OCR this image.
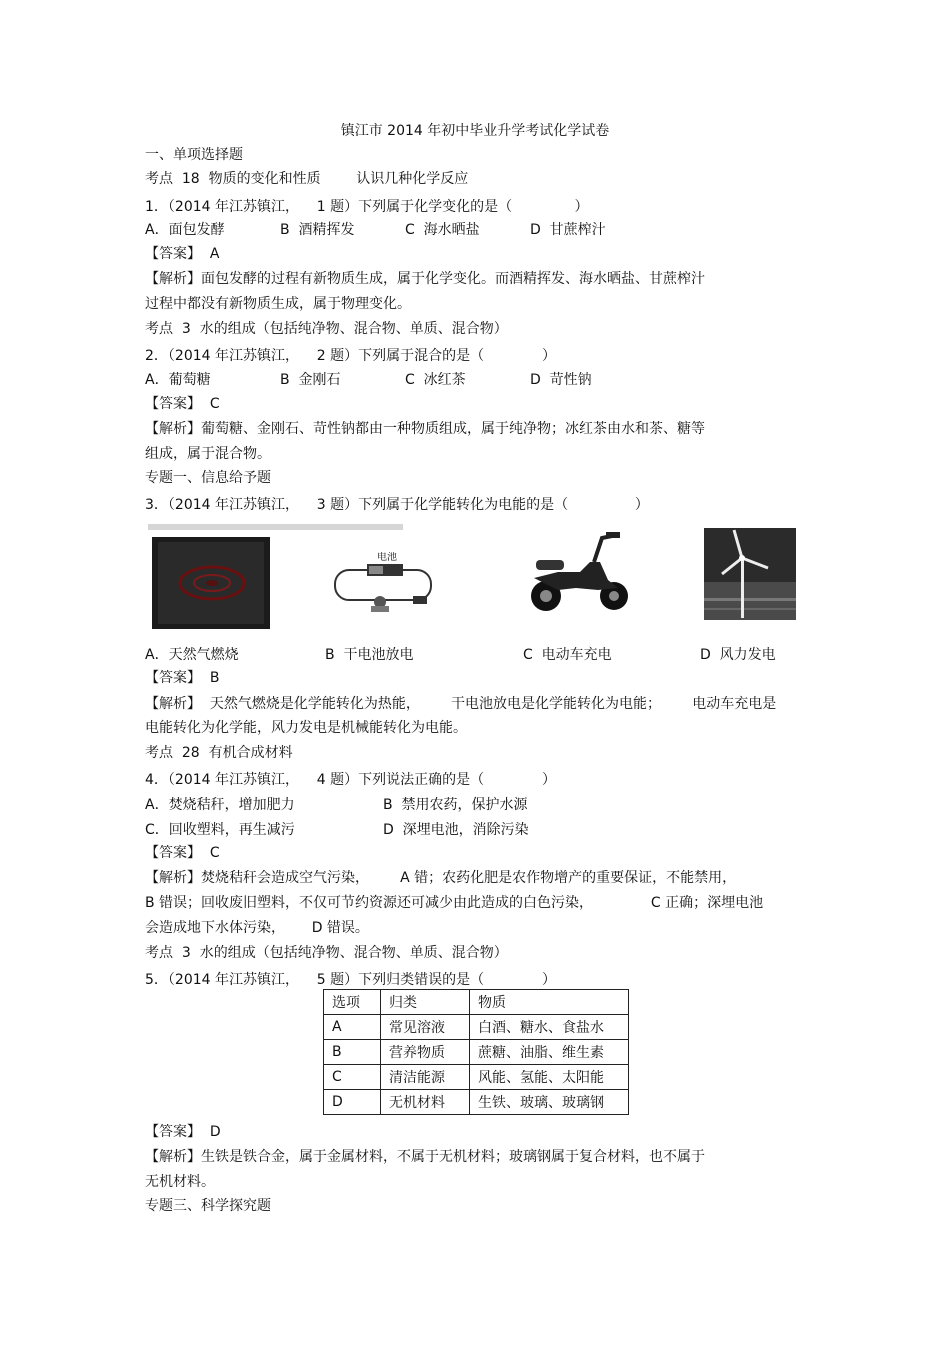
镇江市 2014 年初中毕业升学考试化学试卷
一、单项选择题
考点  18  物质的变化和性质        认识几种化学反应
1．（2014 年江苏镇江，    1 题）下列属于化学变化的是（              ）
A．面包发酵	B  酒精挥发	C  海水晒盐	D  甘蔗榨汁
【答案】  A
【解析】面包发酵的过程有新物质生成，属于化学变化。而酒精挥发、海水晒盐、甘蔗榨汁
过程中都没有新物质生成，属于物理变化。
考点  3  水的组成（包括纯净物、混合物、单质、混合物）
2．（2014 年江苏镇江，    2 题）下列属于混合的是（             ）
A．葡萄糖	B  金刚石	C  冰红茶	D  苛性钠
【答案】  C
【解析】葡萄糖、金刚石、苛性钠都由一种物质组成，属于纯净物；冰红茶由水和茶、糖等
组成，属于混合物。
专题一、信息给予题
3．（2014 年江苏镇江，    3 题）下列属于化学能转化为电能的是（               ）
电池
A．天然气燃烧	B  干电池放电	C  电动车充电	D  风力发电
【答案】  B
【解析】  天然气燃烧是化学能转化为热能，       干电池放电是化学能转化为电能；       电动车充电是
电能转化为化学能，风力发电是机械能转化为电能。
考点  28  有机合成材料
4．（2014 年江苏镇江，    4 题）下列说法正确的是（             ）
A．焚烧秸秆，增加肥力	B  禁用农药，保护水源
C．回收塑料，再生减污	D  深埋电池，消除污染
【答案】  C
【解析】焚烧秸秆会造成空气污染，       A 错；农药化肥是农作物增产的重要保证，不能禁用，
B 错误；回收废旧塑料，不仅可节约资源还可减少由此造成的白色污染，             C 正确；深埋电池
会造成地下水体污染，      D 错误。
考点  3  水的组成（包括纯净物、混合物、单质、混合物）
5．（2014 年江苏镇江，    5 题）下列归类错误的是（             ）
选项	归类	物质
A	常见溶液	白酒、糖水、食盐水
B	营养物质	蔗糖、油脂、维生素
C	清洁能源	风能、氢能、太阳能
D	无机材料	生铁、玻璃、玻璃钢
【答案】  D
【解析】生铁是铁合金，属于金属材料，不属于无机材料；玻璃钢属于复合材料，也不属于
无机材料。
专题三、科学探究题
